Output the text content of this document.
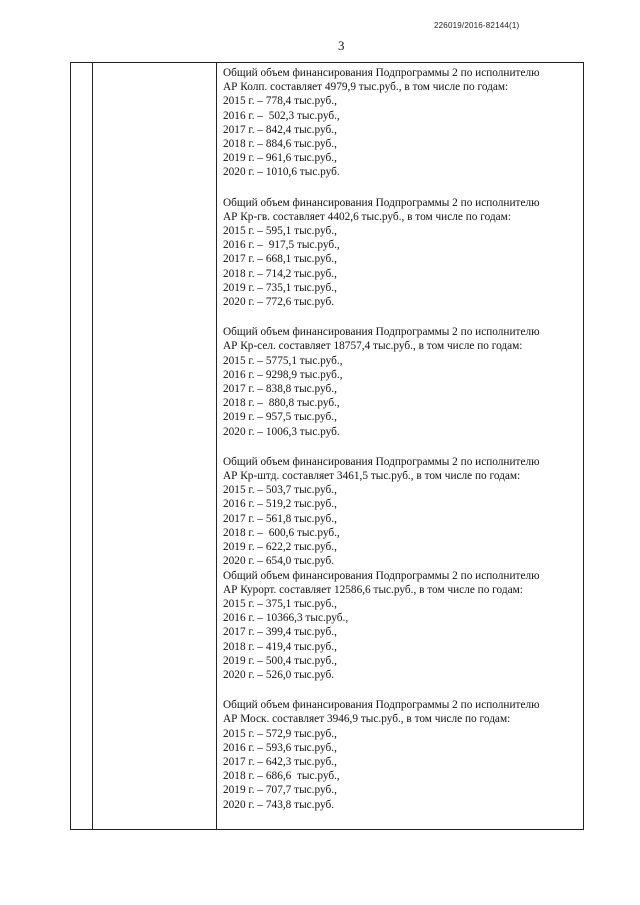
226019/2016-82144(1)
3
Общий объем финансирования Подпрограммы 2 по исполнителю
АР Колп. составляет 4979,9 тыс.руб., в том числе по годам:
2015 г. – 778,4 тыс.руб.,
2016 г. –  502,3 тыс.руб.,
2017 г. – 842,4 тыс.руб.,
2018 г. – 884,6 тыс.руб.,
2019 г. – 961,6 тыс.руб.,
2020 г. – 1010,6 тыс.руб.
Общий объем финансирования Подпрограммы 2 по исполнителю
АР Кр-гв. составляет 4402,6 тыс.руб., в том числе по годам:
2015 г. – 595,1 тыс.руб.,
2016 г. –  917,5 тыс.руб.,
2017 г. – 668,1 тыс.руб.,
2018 г. – 714,2 тыс.руб.,
2019 г. – 735,1 тыс.руб.,
2020 г. – 772,6 тыс.руб.
Общий объем финансирования Подпрограммы 2 по исполнителю
АР Кр-сел. составляет 18757,4 тыс.руб., в том числе по годам:
2015 г. – 5775,1 тыс.руб.,
2016 г. – 9298,9 тыс.руб.,
2017 г. – 838,8 тыс.руб.,
2018 г. –  880,8 тыс.руб.,
2019 г. – 957,5 тыс.руб.,
2020 г. – 1006,3 тыс.руб.
Общий объем финансирования Подпрограммы 2 по исполнителю
АР Кр-штд. составляет 3461,5 тыс.руб., в том числе по годам:
2015 г. – 503,7 тыс.руб.,
2016 г. – 519,2 тыс.руб.,
2017 г. – 561,8 тыс.руб.,
2018 г. –  600,6 тыс.руб.,
2019 г. – 622,2 тыс.руб.,
2020 г. – 654,0 тыс.руб.
Общий объем финансирования Подпрограммы 2 по исполнителю
АР Курорт. составляет 12586,6 тыс.руб., в том числе по годам:
2015 г. – 375,1 тыс.руб.,
2016 г. – 10366,3 тыс.руб.,
2017 г. – 399,4 тыс.руб.,
2018 г. – 419,4 тыс.руб.,
2019 г. – 500,4 тыс.руб.,
2020 г. – 526,0 тыс.руб.
Общий объем финансирования Подпрограммы 2 по исполнителю
АР Моск. составляет 3946,9 тыс.руб., в том числе по годам:
2015 г. – 572,9 тыс.руб.,
2016 г. – 593,6 тыс.руб.,
2017 г. – 642,3 тыс.руб.,
2018 г. – 686,6  тыс.руб.,
2019 г. – 707,7 тыс.руб.,
2020 г. – 743,8 тыс.руб.
